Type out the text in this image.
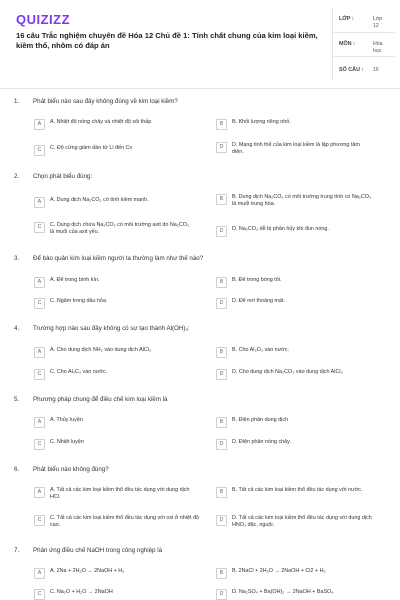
QUIZIZZ
16 câu Trắc nghiệm chuyên đề Hóa 12 Chủ đề 1: Tính chất chung của kim loại kiềm, kiềm thổ, nhôm có đáp án
LỚP :	Lớp 12
MÔN :	Hóa học
SỐ CÂU : 16
1. Phát biểu nào sau đây không đúng về kim loại kiềm?
A	A. Nhiệt độ nóng chảy và nhiệt độ sôi thấp.	B	B. Khối lượng riêng nhỏ.
C	C. Độ cứng giảm dần từ Li đến Cs	D	D. Mạng tinh thể của kim loại kiềm là lập phương tâm diện.
2. Chọn phát biểu đúng:
A	A. Dung dịch Na₂CO₃ có tính kiềm mạnh.	B	B. Dung dịch Na₂CO₃ có môi trường trung tính có Na₂CO₃ là muối trung hòa.
C	C. Dung dịch chứa Na₂CO₃ có môi trường axit do Na₂CO₃ là muối của axit yếu.	D	D. Na₂CO₃ dễ bị phân hủy khi đun nóng.
3. Để bảo quản kim loại kiềm người ta thường làm như thế nào?
A	A. Để trong bình kín.	B	B. Để trong bóng tối.
C	C. Ngâm trong dầu hỏa.	D	D. Để nơi thoáng mát.
4. Trường hợp nào sau đây không có sự tạo thành Al(OH)₃:
A	A. Cho dung dịch NH₃ vào dung dịch AlCl₃	B	B. Cho Al₂O₃ vào nước.
C	C. Cho Al₄C₃ vào nước.	D	D. Cho dung dịch Na₂CO₃ vào dung dịch AlCl₃
5. Phương pháp chung để điều chế kim loại kiềm là
A	A. Thủy luyện	B	B. Điện phân dung dịch
C	C. Nhiệt luyện	D	D. Điện phân nóng chảy.
6. Phát biểu nào không đúng?
A	A. Tất cả các kim loại kiềm thổ đều tác dụng với dung dịch HCl.
B	B. Tất cả các kim loại kiềm thổ đều tác dụng với nước.
C	C. Tất cả các kim loại kiềm thổ đều tác dụng với oxi ở nhiệt độ cao.
D	D. Tất cả các kim loại kiềm thổ đều tác dụng với dung dịch HNO₃ đặc, nguội.
7. Phản ứng điều chế NaOH trong công nghiệp là
A	A. 2Na + 2H₂O → 2NaOH + H₂	B	B. 2NaCl + 2H₂O → 2NaOH + Cl2 + H₂
C	C. Na₂O + H₂O → 2NaOH	D	D. Na₂SO₄ + Ba(OH)₂ → 2NaOH + BaSO₄
